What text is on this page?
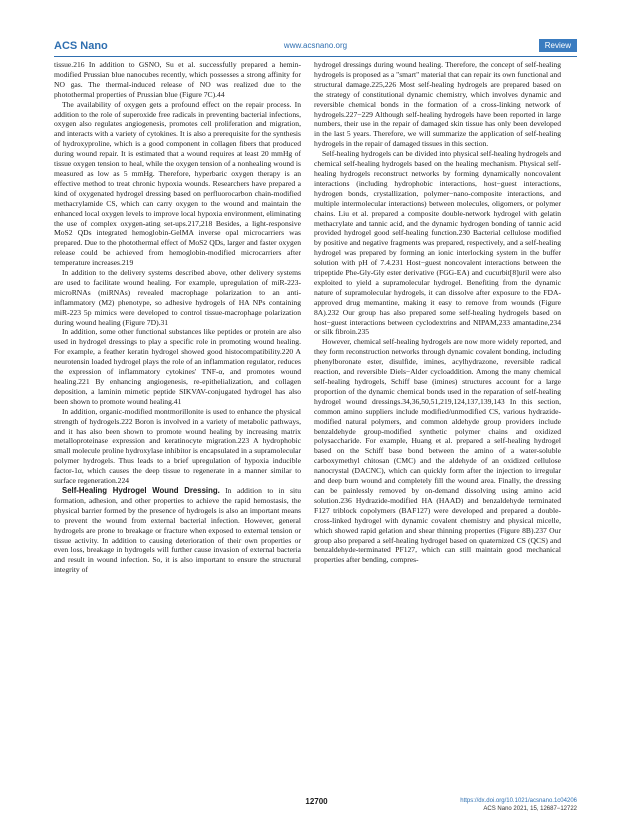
ACS Nano	www.acsnano.org	Review

tissue.216 In addition to GSNO, Su et al. successfully prepared a hemin-modified Prussian blue nanocubes recently, which possesses a strong affinity for NO gas. The thermal-induced release of NO was realized due to the photothermal properties of Prussian blue (Figure 7C).44

The availability of oxygen gets a profound effect on the repair process. In addition to the role of superoxide free radicals in preventing bacterial infections, oxygen also regulates angiogenesis, promotes cell proliferation and migration, and interacts with a variety of cytokines. It is also a prerequisite for the synthesis of hydroxyproline, which is a good component in collagen fibers that produced during wound repair. It is estimated that a wound requires at least 20 mmHg of tissue oxygen tension to heal, while the oxygen tension of a nonhealing wound is measured as low as 5 mmHg. Therefore, hyperbaric oxygen therapy is an effective method to treat chronic hypoxia wounds. Researchers have prepared a kind of oxygenated hydrogel dressing based on perfluorocarbon chain-modified methacrylamide CS, which can carry oxygen to the wound and maintain the enhanced local oxygen levels to improve local hypoxia environment, eliminating the use of complex oxygen-ating set-ups.217,218 Besides, a light-responsive MoS2 QDs integrated hemoglobin-GelMA inverse opal microcarriers was prepared. Due to the photothermal effect of MoS2 QDs, larger and faster oxygen release could be achieved from hemoglobin-modified microcarriers after temperature increases.219

In addition to the delivery systems described above, other delivery systems are used to facilitate wound healing. For example, upregulation of miR-223-microRNAs (miRNAs) revealed macrophage polarization to an anti-inflammatory (M2) phenotype, so adhesive hydrogels of HA NPs containing miR-223 5p mimics were developed to control tissue-macrophage polarization during wound healing (Figure 7D).31

In addition, some other functional substances like peptides or protein are also used in hydrogel dressings to play a specific role in promoting wound healing. For example, a feather keratin hydrogel showed good histocompatibility.220 A neurotensin loaded hydrogel plays the role of an inflammation regulator, reduces the expression of inflammatory cytokines' TNF-α, and promotes wound healing.221 By enhancing angiogenesis, re-epithelialization, and collagen deposition, a laminin mimetic peptide SIKVAV-conjugated hydrogel has also been shown to promote wound healing.41

In addition, organic-modified montmorillonite is used to enhance the physical strength of hydrogels.222 Boron is involved in a variety of metabolic pathways, and it has also been shown to promote wound healing by increasing matrix metalloproteinase expression and keratinocyte migration.223 A hydrophobic small molecule proline hydroxylase inhibitor is encapsulated in a supramolecular polymer hydrogels. Thus leads to a brief upregulation of hypoxia inducible factor-1α, which causes the deep tissue to regenerate in a manner similar to surface regeneration.224

Self-Healing Hydrogel Wound Dressing. In addition to in situ formation, adhesion, and other properties to achieve the rapid hemostasis, the physical barrier formed by the presence of hydrogels is also an important means to prevent the wound from external bacterial infection. However, general hydrogels are prone to breakage or fracture when exposed to external tension or tissue activity. In addition to causing deterioration of their own properties or even loss, breakage in hydrogels will further cause invasion of external bacteria and result in wound infection. So, it is also important to ensure the structural integrity of

hydrogel dressings during wound healing. Therefore, the concept of self-healing hydrogels is proposed as a "smart" material that can repair its own functional and structural damage.225,226 Most self-healing hydrogels are prepared based on the strategy of constitutional dynamic chemistry, which involves dynamic and reversible chemical bonds in the formation of a cross-linking network of hydrogels.227−229 Although self-healing hydrogels have been reported in large numbers, their use in the repair of damaged skin tissue has only been developed in the last 5 years. Therefore, we will summarize the application of self-healing hydrogels in the repair of damaged tissues in this section.

Self-healing hydrogels can be divided into physical self-healing hydrogels and chemical self-healing hydrogels based on the healing mechanism. Physical self-healing hydrogels reconstruct networks by forming dynamically noncovalent interactions (including hydrophobic interactions, host−guest interactions, hydrogen bonds, crystallization, polymer−nano-composite interactions, and multiple intermolecular interactions) between molecules, oligomers, or polymer chains. Liu et al. prepared a composite double-network hydrogel with gelatin methacrylate and tannic acid, and the dynamic hydrogen bonding of tannic acid provided hydrogel good self-healing function.230 Bacterial cellulose modified by positive and negative fragments was prepared, respectively, and a self-healing hydrogel was prepared by forming an ionic interlocking system in the buffer solution with pH of 7.4.231 Host−guest noncovalent interactions between the tripeptide Phe-Gly-Gly ester derivative (FGG-EA) and cucurbit[8]uril were also exploited to yield a supramolecular hydrogel. Benefiting from the dynamic nature of supramolecular hydrogels, it can dissolve after exposure to the FDA-approved drug memantine, making it easy to remove from wounds (Figure 8A).232 Our group has also prepared some self-healing hydrogels based on host−guest interactions between cyclodextrins and NIPAM,233 amantadine,234 or silk fibroin.235

However, chemical self-healing hydrogels are now more widely reported, and they form reconstruction networks through dynamic covalent bonding, including phenylboronate ester, disulfide, imines, acylhydrazone, reversible radical reaction, and reversible Diels−Alder cycloaddition. Among the many chemical self-healing hydrogels, Schiff base (imines) structures account for a large proportion of the dynamic chemical bonds used in the reparation of self-healing hydrogel wound dressings.34,36,50,51,219,124,137,139,143 In this section, common amino suppliers include modified/unmodified CS, various hydrazide-modified natural polymers, and common aldehyde group providers include benzaldehyde group-modified synthetic polymer chains and oxidized polysaccharide. For example, Huang et al. prepared a self-healing hydrogel based on the Schiff base bond between the amino of a water-soluble carboxymethyl chitosan (CMC) and the aldehyde of an oxidized cellulose nanocrystal (DACNC), which can quickly form after the injection to irregular and deep burn wound and completely fill the wound area. Finally, the dressing can be painlessly removed by on-demand dissolving using amino acid solution.236 Hydrazide-modified HA (HAAD) and benzaldehyde terminated F127 triblock copolymers (BAF127) were developed and prepared a double-cross-linked hydrogel with dynamic covalent chemistry and physical micelle, which showed rapid gelation and shear thinning properties (Figure 8B).237 Our group also prepared a self-healing hydrogel based on quaternized CS (QCS) and benzaldehyde-terminated PF127, which can still maintain good mechanical properties after bending, compres-

12700	https://dx.doi.org/10.1021/acsnano.1c04206
ACS Nano 2021, 15, 12687−12722
